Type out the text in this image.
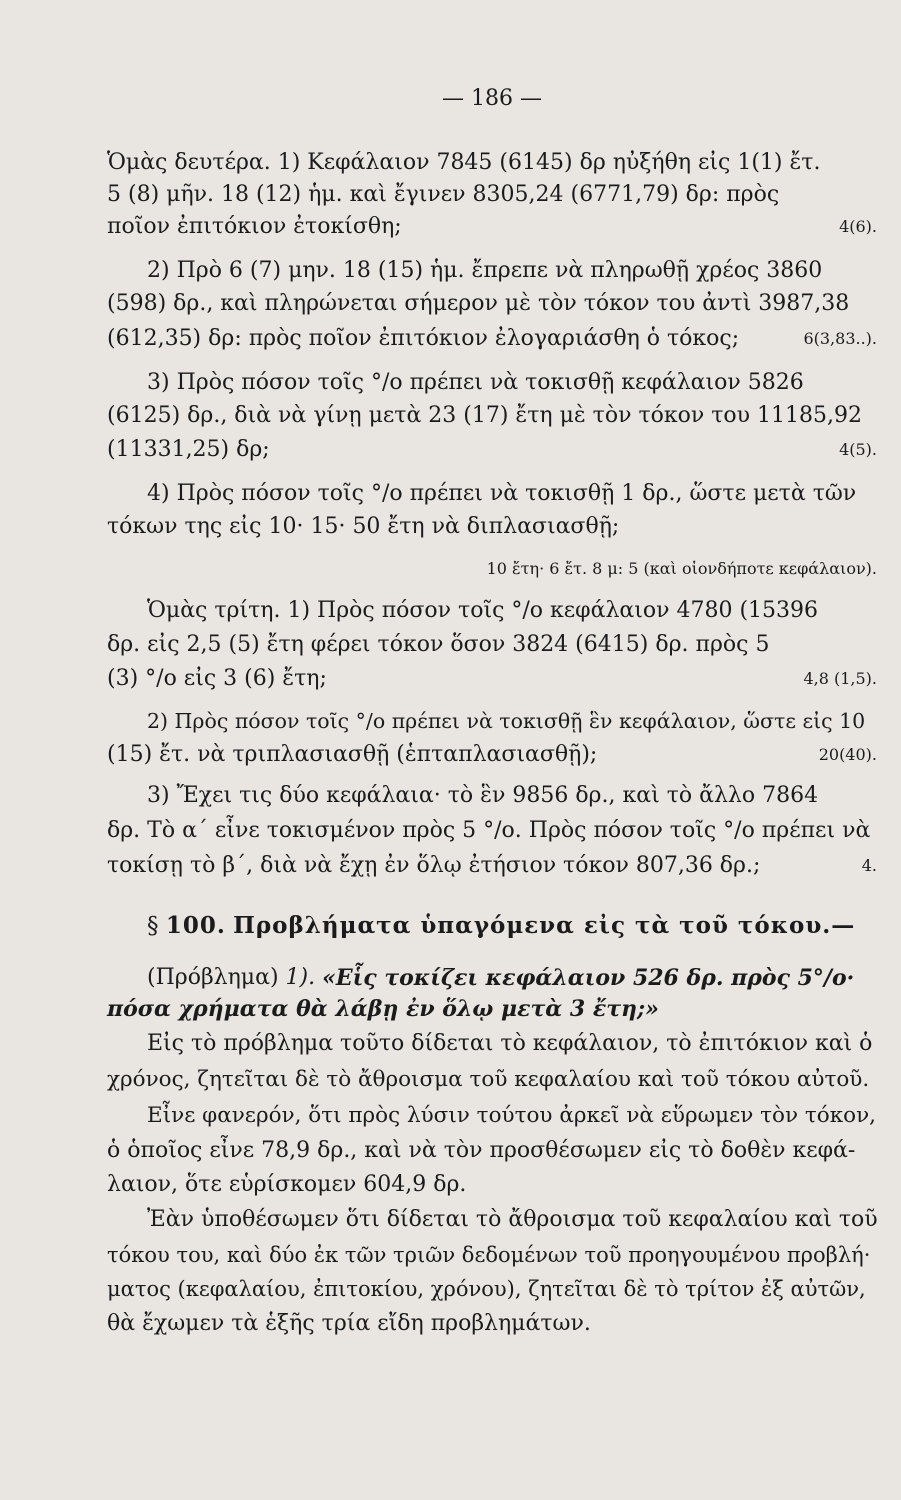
— 186 —
Ὁμὰς δευτέρα. 1) Κεφάλαιον 7845 (6145) δρ ηὐξήθη εἰς 1(1) ἔτ.
5 (8) μῆν. 18 (12) ἡμ. καὶ ἔγινεν 8305,24 (6771,79) δρ: πρὸς
ποῖον ἐπιτόκιον ἐτοκίσθη;	4(6).
2) Πρὸ 6 (7) μην. 18 (15) ἡμ. ἔπρεπε νὰ πληρωθῇ χρέος 3860
(598) δρ., καὶ πληρώνεται σήμερον μὲ τὸν τόκον του ἀντὶ 3987,38
(612,35) δρ: πρὸς ποῖον ἐπιτόκιον ἐλογαριάσθη ὁ τόκος;	6(3,83..).
3) Πρὸς πόσον τοῖς °/ο πρέπει νὰ τοκισθῇ κεφάλαιον 5826
(6125) δρ., διὰ νὰ γίνῃ μετὰ 23 (17) ἔτη μὲ τὸν τόκον του 11185,92
(11331,25) δρ;	4(5).
4) Πρὸς πόσον τοῖς °/ο πρέπει νὰ τοκισθῇ 1 δρ., ὥστε μετὰ τῶν
τόκων της εἰς 10· 15· 50 ἔτη νὰ διπλασιασθῇ;
10 ἔτη· 6 ἔτ. 8 μ: 5 (καὶ οἱονδήποτε κεφάλαιον).
Ὁμὰς τρίτη. 1) Πρὸς πόσον τοῖς °/ο κεφάλαιον 4780 (15396
δρ. εἰς 2,5 (5) ἔτη φέρει τόκον ὅσον 3824 (6415) δρ. πρὸς 5
(3) °/ο εἰς 3 (6) ἔτη;	4,8 (1,5).
2) Πρὸς πόσον τοῖς °/ο πρέπει νὰ τοκισθῇ ἓν κεφάλαιον, ὥστε εἰς 10
(15) ἔτ. νὰ τριπλασιασθῇ (ἑπταπλασιασθῇ);	20(40).
3) Ἔχει τις δύο κεφάλαια· τὸ ἓν 9856 δρ., καὶ τὸ ἄλλο 7864
δρ. Τὸ α΄ εἶνε τοκισμένον πρὸς 5 °/ο. Πρὸς πόσον τοῖς °/ο πρέπει νὰ
τοκίσῃ τὸ β΄, διὰ νὰ ἔχῃ ἐν ὅλῳ ἐτήσιον τόκον 807,36 δρ.;	4.
§
100.
Προβλήματα ὑπαγόμενα εἰς τὰ τοῦ τόκου.—
(Πρόβλημα)
1).
«Εἷς τοκίζει κεφάλαιον 526 δρ. πρὸς 5°/ο·
πόσα χρήματα θὰ λάβῃ ἐν ὅλῳ μετὰ 3 ἔτη;»
Εἰς τὸ πρόβλημα τοῦτο δίδεται τὸ κεφάλαιον, τὸ ἐπιτόκιον καὶ ὁ
χρόνος, ζητεῖται δὲ τὸ ἄθροισμα τοῦ κεφαλαίου καὶ τοῦ τόκου αὐτοῦ.
Εἶνε φανερόν, ὅτι πρὸς λύσιν τούτου ἀρκεῖ νὰ εὕρωμεν τὸν τόκον,
ὁ ὁποῖος εἶνε 78,9 δρ., καὶ νὰ τὸν προσθέσωμεν εἰς τὸ δοθὲν κεφά-
λαιον, ὅτε εὑρίσκομεν 604,9 δρ.
Ἐὰν ὑποθέσωμεν ὅτι δίδεται τὸ ἄθροισμα τοῦ κεφαλαίου καὶ τοῦ
τόκου του, καὶ δύο ἐκ τῶν τριῶν δεδομένων τοῦ προηγουμένου προβλή·
ματος (κεφαλαίου, ἐπιτοκίου, χρόνου), ζητεῖται δὲ τὸ τρίτον ἐξ αὐτῶν,
θὰ ἔχωμεν τὰ ἑξῆς τρία εἴδη προβλημάτων.
